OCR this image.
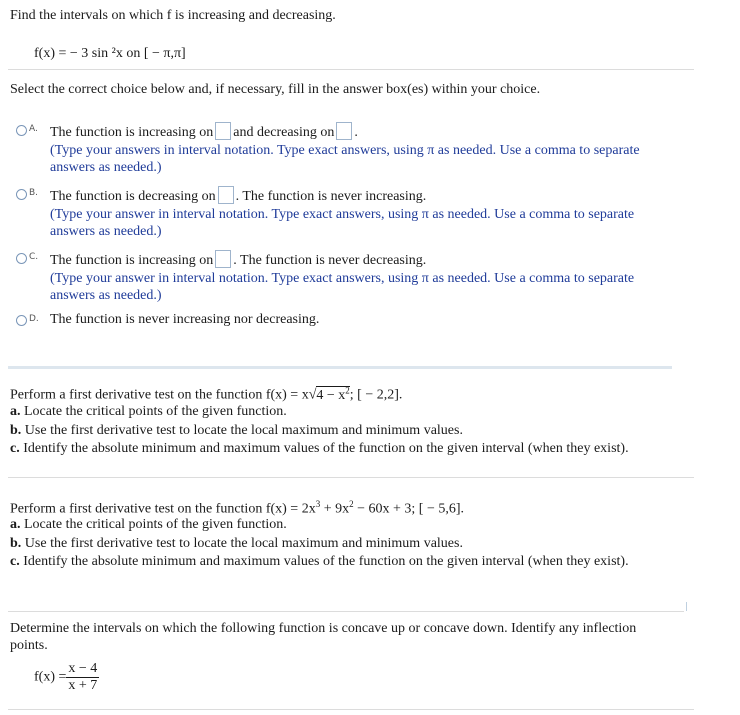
Find the intervals on which f is increasing and decreasing.
f(x) = − 3 sin ²x on [ − π,π]
Select the correct choice below and, if necessary, fill in the answer box(es) within your choice.
A. The function is increasing on and decreasing on .
(Type your answers in interval notation. Type exact answers, using π as needed. Use a comma to separate
answers as needed.)
B. The function is decreasing on . The function is never increasing.
(Type your answer in interval notation. Type exact answers, using π as needed. Use a comma to separate
answers as needed.)
C. The function is increasing on . The function is never decreasing.
(Type your answer in interval notation. Type exact answers, using π as needed. Use a comma to separate
answers as needed.)
D. The function is never increasing nor decreasing.
Perform a first derivative test on the function $f(x) = x√4 - x^2$; [ − 2,2].
a. Locate the critical points of the given function.
b. Use the first derivative test to locate the local maximum and minimum values.
c. Identify the absolute minimum and maximum values of the function on the given interval (when they exist).
Perform a first derivative test on the function $f(x) = 2x^3 + 9x^2 - 60x + 3$; [ − 5,6].
a. Locate the critical points of the given function.
b. Use the first derivative test to locate the local maximum and minimum values.
c. Identify the absolute minimum and maximum values of the function on the given interval (when they exist).
Determine the intervals on which the following function is concave up or concave down. Identify any inflection
points.
$f(x) = \frac{x - 4}{x + 7}$
